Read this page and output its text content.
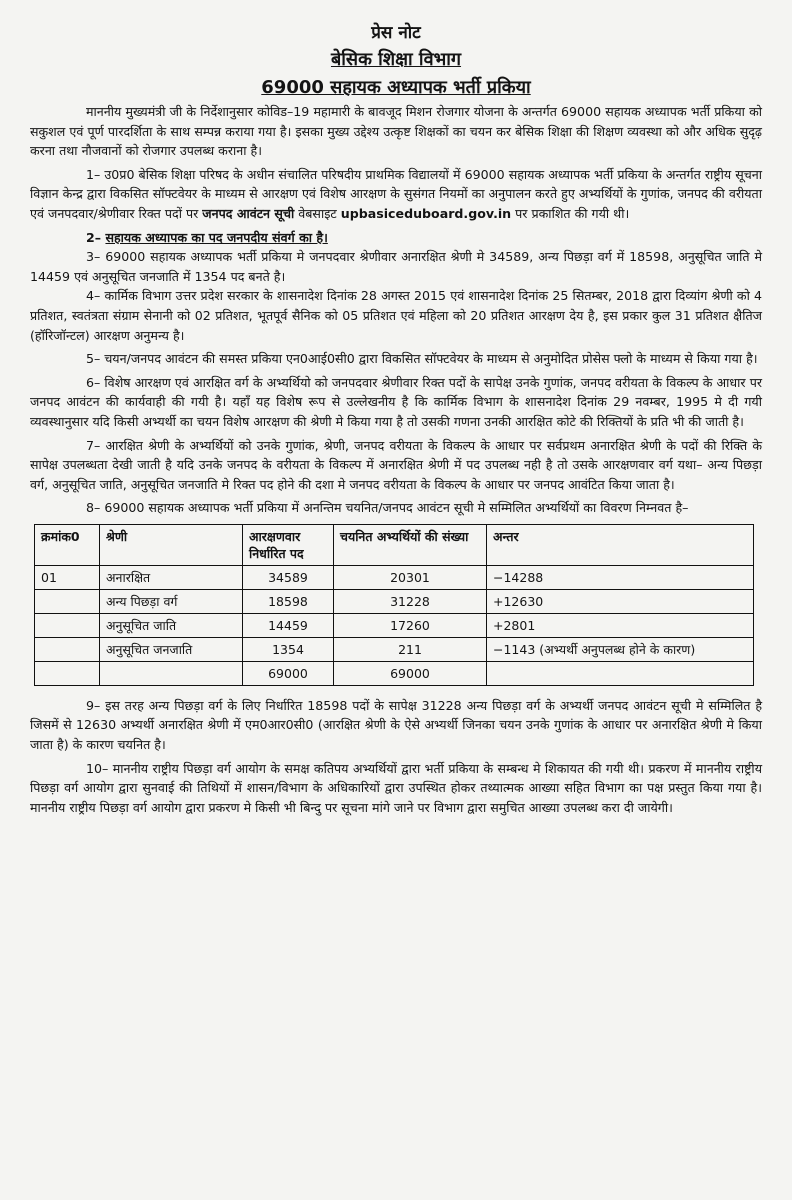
प्रेस नोट
बेसिक शिक्षा विभाग
69000 सहायक अध्यापक भर्ती प्रकिया

माननीय मुख्यमंत्री जी के निर्देशानुसार कोविड–19 महामारी के बावजूद मिशन रोजगार योजना के अन्तर्गत 69000 सहायक अध्यापक भर्ती प्रकिया को सकुशल एवं पूर्ण पारदर्शिता के साथ सम्पन्न कराया गया है। इसका मुख्य उद्देश्य उत्कृष्ट शिक्षकों का चयन कर बेसिक शिक्षा की शिक्षण व्यवस्था को और अधिक सुदृढ़ करना तथा नौजवानों को रोजगार उपलब्ध कराना है।

1– उ0प्र0 बेसिक शिक्षा परिषद के अधीन संचालित परिषदीय प्राथमिक विद्यालयों में 69000 सहायक अध्यापक भर्ती प्रकिया के अन्तर्गत राष्ट्रीय सूचना विज्ञान केन्द्र द्वारा विकसित सॉफ्टवेयर के माध्यम से आरक्षण एवं विशेष आरक्षण के सुसंगत नियमों का अनुपालन करते हुए अभ्यर्थियों के गुणांक, जनपद की वरीयता एवं जनपदवार/श्रेणीवार रिक्त पदों पर जनपद आवंटन सूची वेबसाइट upbasiceduboard.gov.in पर प्रकाशित की गयी थी।

2– सहायक अध्यापक का पद जनपदीय संवर्ग का है।

3– 69000 सहायक अध्यापक भर्ती प्रकिया मे जनपदवार श्रेणीवार अनारक्षित श्रेणी मे 34589, अन्य पिछड़ा वर्ग में 18598, अनुसूचित जाति मे 14459 एवं अनुसूचित जनजाति में 1354 पद बनते है।

4– कार्मिक विभाग उत्तर प्रदेश सरकार के शासनादेश दिनांक 28 अगस्त 2015 एवं शासनादेश दिनांक 25 सितम्बर, 2018 द्वारा दिव्यांग श्रेणी को 4 प्रतिशत, स्वतंत्रता संग्राम सेनानी को 02 प्रतिशत, भूतपूर्व सैनिक को 05 प्रतिशत एवं महिला को 20 प्रतिशत आरक्षण देय है, इस प्रकार कुल 31 प्रतिशत क्षैतिज (हॉरिजॉन्टल) आरक्षण अनुमन्य है।

5– चयन/जनपद आवंटन की समस्त प्रकिया एन0आई0सी0 द्वारा विकसित सॉफ्टवेयर के माध्यम से अनुमोदित प्रोसेस फ्लो के माध्यम से किया गया है।

6– विशेष आरक्षण एवं आरक्षित वर्ग के अभ्यर्थियो को जनपदवार श्रेणीवार रिक्त पदों के सापेक्ष उनके गुणांक, जनपद वरीयता के विकल्प के आधार पर जनपद आवंटन की कार्यवाही की गयी है। यहाँ यह विशेष रूप से उल्लेखनीय है कि कार्मिक विभाग के शासनादेश दिनांक 29 नवम्बर, 1995 मे दी गयी व्यवस्थानुसार यदि किसी अभ्यर्थी का चयन विशेष आरक्षण की श्रेणी मे किया गया है तो उसकी गणना उनकी आरक्षित कोटे की रिक्तियों के प्रति भी की जाती है।

7– आरक्षित श्रेणी के अभ्यर्थियों को उनके गुणांक, श्रेणी, जनपद वरीयता के विकल्प के आधार पर सर्वप्रथम अनारक्षित श्रेणी के पदों की रिक्ति के सापेक्ष उपलब्धता देखी जाती है यदि उनके जनपद के वरीयता के विकल्प में अनारक्षित श्रेणी में पद उपलब्ध नही है तो उसके आरक्षणवार वर्ग यथा– अन्य पिछड़ा वर्ग, अनुसूचित जाति, अनुसूचित जनजाति मे रिक्त पद होने की दशा मे जनपद वरीयता के विकल्प के आधार पर जनपद आवंटित किया जाता है।

8– 69000 सहायक अध्यापक भर्ती प्रकिया में अनन्तिम चयनित/जनपद आवंटन सूची मे सम्मिलित अभ्यर्थियों का विवरण निम्नवत है–

क्रमांक0	श्रेणी	आरक्षणवार निर्धारित पद	चयनित अभ्यर्थियों की संख्या	अन्तर
01	अनारक्षित	34589	20301	−14288
	अन्य पिछड़ा वर्ग	18598	31228	+12630
	अनुसूचित जाति	14459	17260	+2801
	अनुसूचित जनजाति	1354	211	−1143 (अभ्यर्थी अनुपलब्ध होने के कारण)
		69000	69000	

9– इस तरह अन्य पिछड़ा वर्ग के लिए निर्धारित 18598 पदों के सापेक्ष 31228 अन्य पिछड़ा वर्ग के अभ्यर्थी जनपद आवंटन सूची मे सम्मिलित है जिसमें से 12630 अभ्यर्थी अनारक्षित श्रेणी में एम0आर0सी0 (आरक्षित श्रेणी के ऐसे अभ्यर्थी जिनका चयन उनके गुणांक के आधार पर अनारक्षित श्रेणी मे किया जाता है) के कारण चयनित है।

10– माननीय राष्ट्रीय पिछड़ा वर्ग आयोग के समक्ष कतिपय अभ्यर्थियों द्वारा भर्ती प्रकिया के सम्बन्ध मे शिकायत की गयी थी। प्रकरण में माननीय राष्ट्रीय पिछड़ा वर्ग आयोग द्वारा सुनवाई की तिथियों में शासन/विभाग के अधिकारियों द्वारा उपस्थित होकर तथ्यात्मक आख्या सहित विभाग का पक्ष प्रस्तुत किया गया है। माननीय राष्ट्रीय पिछड़ा वर्ग आयोग द्वारा प्रकरण मे किसी भी बिन्दु पर सूचना मांगे जाने पर विभाग द्वारा समुचित आख्या उपलब्ध करा दी जायेगी।
